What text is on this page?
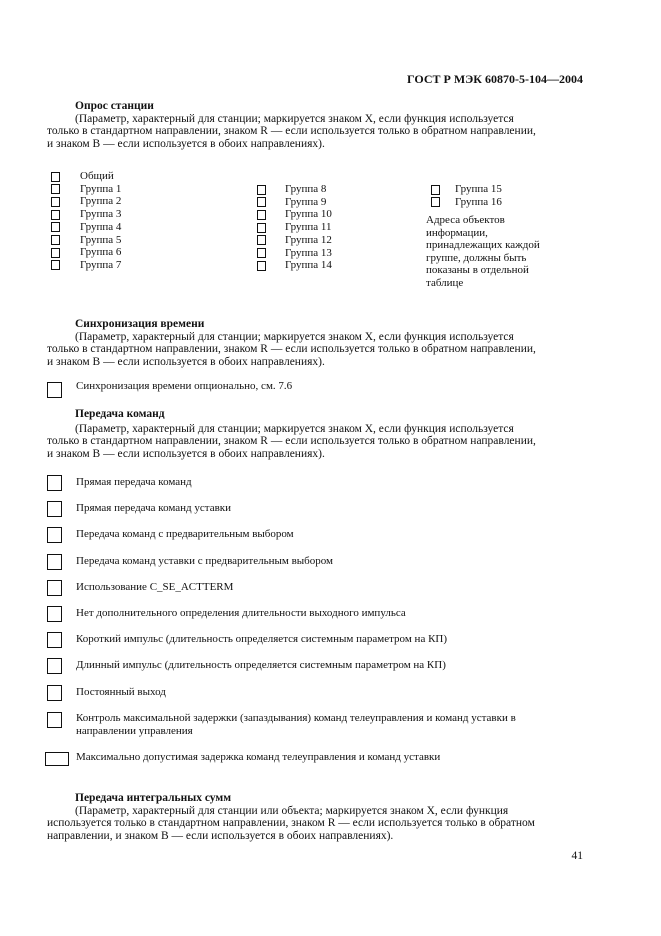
ГОСТ Р МЭК 60870-5-104—2004
Опрос станции
(Параметр, характерный для станции; маркируется знаком X, если функция используется
только в стандартном направлении, знаком R — если используется только в обратном направлении,
и знаком B — если используется в обоих направлениях).
Общий
Группа 1
Группа 2
Группа 3
Группа 4
Группа 5
Группа 6
Группа 7
Группа 8
Группа 9
Группа 10
Группа 11
Группа 12
Группа 13
Группа 14
Группа 15
Группа 16
Адреса объектов
информации,
принадлежащих каждой
группе, должны быть
показаны в отдельной
таблице
Синхронизация времени
(Параметр, характерный для станции; маркируется знаком X, если функция используется
только в стандартном направлении, знаком R — если используется только в обратном направлении,
и знаком B — если используется в обоих направлениях).
Синхронизация времени опционально, см. 7.6
Передача команд
(Параметр, характерный для станции; маркируется знаком X, если функция используется
только в стандартном направлении, знаком R — если используется только в обратном направлении,
и знаком B — если используется в обоих направлениях).
Прямая передача команд
Прямая передача команд уставки
Передача команд с предварительным выбором
Передача команд уставки с предварительным выбором
Использование C_SE_ACTTERM
Нет дополнительного определения длительности выходного импульса
Короткий импульс (длительность определяется системным параметром на КП)
Длинный импульс (длительность определяется системным параметром на КП)
Постоянный выход
Контроль максимальной задержки (запаздывания) команд телеуправления и команд уставки в
направлении управления
Максимально допустимая задержка команд телеуправления и команд уставки
Передача интегральных сумм
(Параметр, характерный для станции или объекта; маркируется знаком X, если функция
используется только в стандартном направлении, знаком R — если используется только в обратном
направлении, и знаком B — если используется в обоих направлениях).
41
